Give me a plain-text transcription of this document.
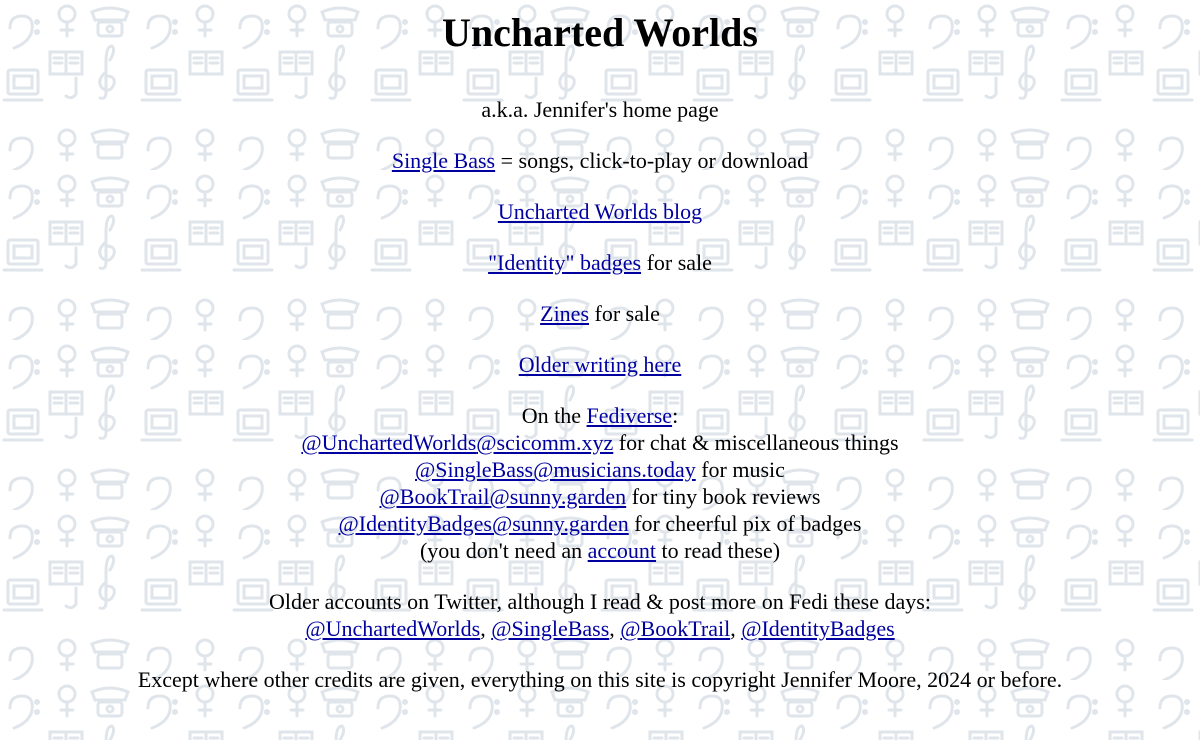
Uncharted Worlds

a.k.a. Jennifer's home page

Single Bass = songs, click-to-play or download

Uncharted Worlds blog

"Identity" badges for sale

Zines for sale

Older writing here

On the Fediverse:
@UnchartedWorlds@scicomm.xyz for chat & miscellaneous things
@SingleBass@musicians.today for music
@BookTrail@sunny.garden for tiny book reviews
@IdentityBadges@sunny.garden for cheerful pix of badges
(you don't need an account to read these)

Older accounts on Twitter, although I read & post more on Fedi these days:
@UnchartedWorlds, @SingleBass, @BookTrail, @IdentityBadges

Except where other credits are given, everything on this site is copyright Jennifer Moore, 2024 or before.
